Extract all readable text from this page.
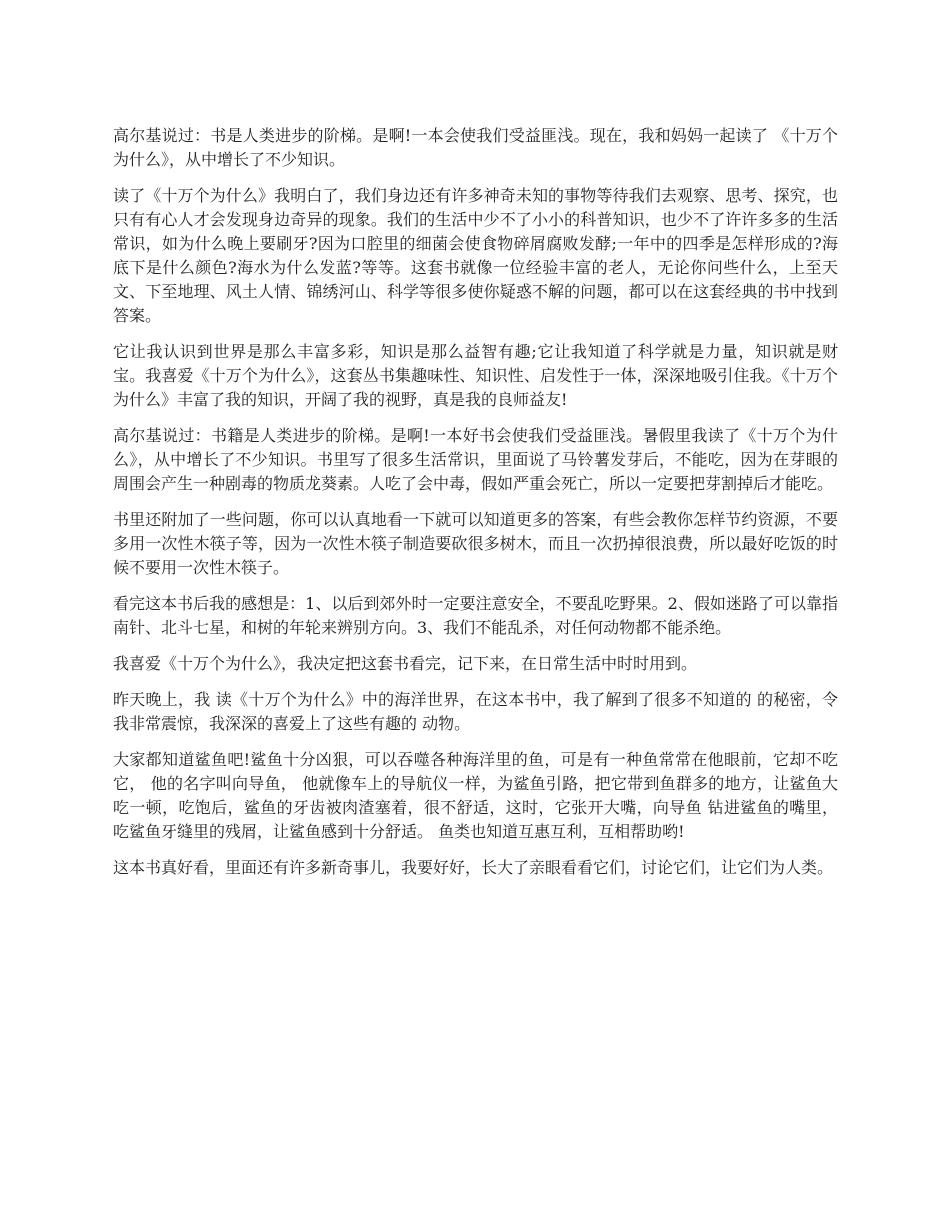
高尔基说过：书是人类进步的阶梯。是啊!一本会使我们受益匪浅。现在，我和妈妈一起读了 《十万个为什么》，从中增长了不少知识。

读了《十万个为什么》我明白了，我们身边还有许多神奇未知的事物等待我们去观察、思考、探究，也只有有心人才会发现身边奇异的现象。我们的生活中少不了小小的科普知识，也少不了许许多多的生活常识，如为什么晚上要刷牙?因为口腔里的细菌会使食物碎屑腐败发酵;一年中的四季是怎样形成的?海底下是什么颜色?海水为什么发蓝?等等。这套书就像一位经验丰富的老人，无论你问些什么，上至天文、下至地理、风土人情、锦绣河山、科学等很多使你疑惑不解的问题，都可以在这套经典的书中找到答案。

它让我认识到世界是那么丰富多彩，知识是那么益智有趣;它让我知道了科学就是力量，知识就是财宝。我喜爱《十万个为什么》，这套丛书集趣味性、知识性、启发性于一体，深深地吸引住我。《十万个为什么》丰富了我的知识，开阔了我的视野，真是我的良师益友!

高尔基说过：书籍是人类进步的阶梯。是啊!一本好书会使我们受益匪浅。暑假里我读了《十万个为什么》，从中增长了不少知识。书里写了很多生活常识，里面说了马铃薯发芽后，不能吃，因为在芽眼的周围会产生一种剧毒的物质龙葵素。人吃了会中毒，假如严重会死亡，所以一定要把芽割掉后才能吃。

书里还附加了一些问题，你可以认真地看一下就可以知道更多的答案，有些会教你怎样节约资源，不要多用一次性木筷子等，因为一次性木筷子制造要砍很多树木，而且一次扔掉很浪费，所以最好吃饭的时候不要用一次性木筷子。

看完这本书后我的感想是：1、以后到郊外时一定要注意安全，不要乱吃野果。2、假如迷路了可以靠指南针、北斗七星，和树的年轮来辨别方向。3、我们不能乱杀，对任何动物都不能杀绝。

我喜爱《十万个为什么》，我决定把这套书看完，记下来，在日常生活中时时用到。

昨天晚上，我 读《十万个为什么》中的海洋世界，在这本书中，我了解到了很多不知道的 的秘密，令我非常震惊，我深深的喜爱上了这些有趣的 动物。

大家都知道鲨鱼吧!鲨鱼十分凶狠，可以吞噬各种海洋里的鱼，可是有一种鱼常常在他眼前，它却不吃它， 他的名字叫向导鱼， 他就像车上的导航仪一样，为鲨鱼引路，把它带到鱼群多的地方，让鲨鱼大吃一顿，吃饱后，鲨鱼的牙齿被肉渣塞着，很不舒适，这时，它张开大嘴，向导鱼 钻进鲨鱼的嘴里，吃鲨鱼牙缝里的残屑，让鲨鱼感到十分舒适。 鱼类也知道互惠互利，互相帮助哟!

这本书真好看，里面还有许多新奇事儿，我要好好，长大了亲眼看看它们，讨论它们，让它们为人类。
